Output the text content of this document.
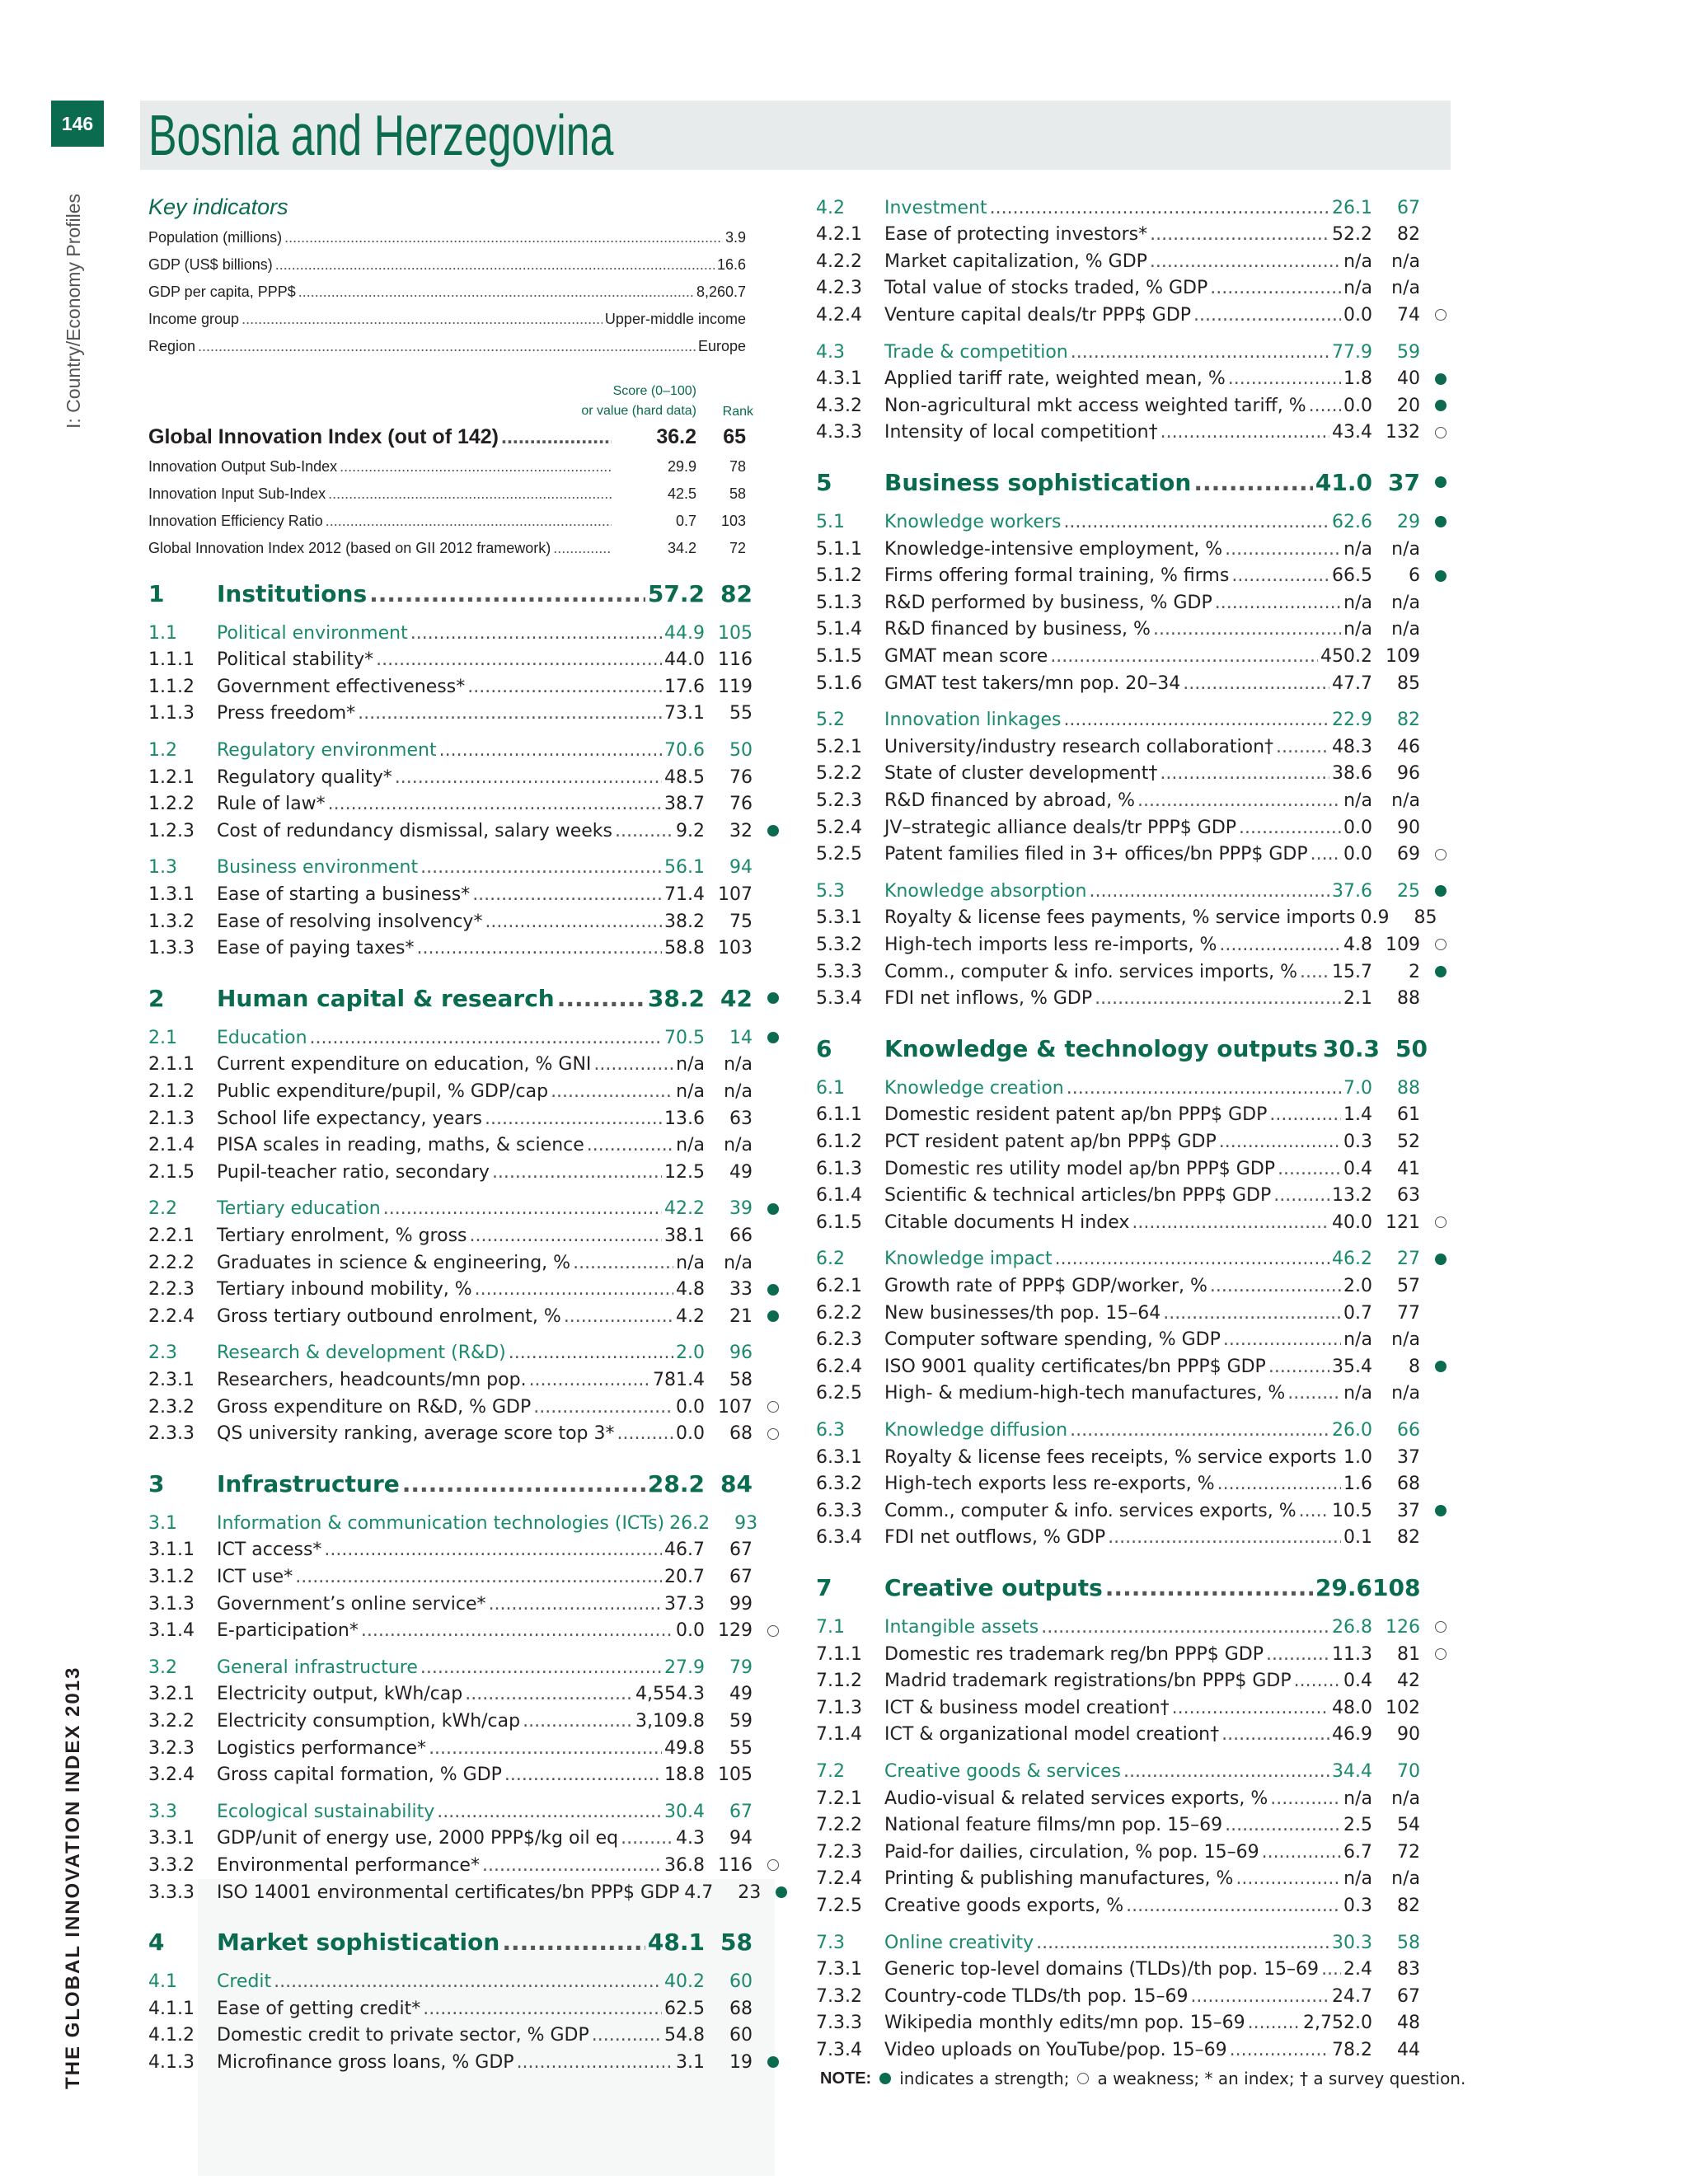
146 Bosnia and Herzegovina
I: Country/Economy Profiles
THE GLOBAL INNOVATION INDEX 2013
Key indicators
Population (millions) .....	3.9
GDP (US$ billions) .....	16.6
GDP per capita, PPP$ .....	8,260.7
Income group .....	Upper-middle income
Region .....	Europe
Score (0–100)
or value (hard data) Rank
Global Innovation Index (out of 142) .....	36.2	65
Innovation Output Sub-Index .....	29.9	78
Innovation Input Sub-Index .....	42.5	58
Innovation Efficiency Ratio .....	0.7	103
Global Innovation Index 2012 (based on GII 2012 framework) .....	34.2	72
1	Institutions .....	57.2 82
1.1	Political environment .....	44.9 105
1.1.1	Political stability* .....	44.0 116
1.1.2	Government effectiveness* .....	17.6 119
1.1.3	Press freedom* .....	73.1	55
1.2	Regulatory environment .....	70.6	50
1.2.1	Regulatory quality* .....	48.5	76
1.2.2	Rule of law* .....	38.7	76
1.2.3	Cost of redundancy dismissal, salary weeks .....	9.2	32
1.3	Business environment .....	56.1	94
1.3.1	Ease of starting a business* .....	71.4 107
1.3.2	Ease of resolving insolvency* .....	38.2	75
1.3.3	Ease of paying taxes* .....	58.8 103
2	Human capital & research .....	38.2 42
2.1	Education .....	70.5	14
2.1.1	Current expenditure on education, % GNI .....	n/a	n/a
2.1.2	Public expenditure/pupil, % GDP/cap .....	n/a	n/a
2.1.3	School life expectancy, years .....	13.6	63
2.1.4	PISA scales in reading, maths, & science .....	n/a	n/a
2.1.5	Pupil-teacher ratio, secondary .....	12.5	49
2.2	Tertiary education .....	42.2	39
2.2.1	Tertiary enrolment, % gross .....	38.1	66
2.2.2	Graduates in science & engineering, % .....	n/a	n/a
2.2.3	Tertiary inbound mobility, % .....	4.8	33
2.2.4	Gross tertiary outbound enrolment, % .....	4.2	21
2.3	Research & development (R&D) .....	2.0	96
2.3.1	Researchers, headcounts/mn pop. .....	781.4	58
2.3.2	Gross expenditure on R&D, % GDP .....	0.0 107
2.3.3	QS university ranking, average score top 3* .....	0.0	68
3	Infrastructure .....	28.2 84
3.1	Information & communication technologies (ICTs) 26.2	93
3.1.1	ICT access* .....	46.7	67
3.1.2	ICT use* .....	20.7	67
3.1.3	Government’s online service* .....	37.3	99
3.1.4	E-participation* .....	0.0 129
3.2	General infrastructure .....	27.9	79
3.2.1	Electricity output, kWh/cap .....	4,554.3	49
3.2.2	Electricity consumption, kWh/cap .....	3,109.8	59
3.2.3	Logistics performance* .....	49.8	55
3.2.4	Gross capital formation, % GDP .....	18.8 105
3.3	Ecological sustainability .....	30.4	67
3.3.1	GDP/unit of energy use, 2000 PPP$/kg oil eq .....	4.3	94
3.3.2	Environmental performance* .....	36.8 116
3.3.3	ISO 14001 environmental certificates/bn PPP$ GDP 4.7	23
4	Market sophistication .....	48.1 58
4.1	Credit .....	40.2	60
4.1.1	Ease of getting credit* .....	62.5	68
4.1.2	Domestic credit to private sector, % GDP .....	54.8	60
4.1.3	Microfinance gross loans, % GDP .....	3.1	19
4.2	Investment .....	26.1	67
4.2.1	Ease of protecting investors* .....	52.2	82
4.2.2	Market capitalization, % GDP .....	n/a	n/a
4.2.3	Total value of stocks traded, % GDP .....	n/a	n/a
4.2.4	Venture capital deals/tr PPP$ GDP .....	0.0	74
4.3	Trade & competition .....	77.9	59
4.3.1	Applied tariff rate, weighted mean, % .....	1.8	40
4.3.2	Non-agricultural mkt access weighted tariff, % ..... 0.0	20
4.3.3	Intensity of local competition† .....	43.4 132
5	Business sophistication .....	41.0 37
5.1	Knowledge workers .....	62.6	29
5.1.1	Knowledge-intensive employment, % .....	n/a	n/a
5.1.2	Firms offering formal training, % firms .....	66.5	6
5.1.3	R&D performed by business, % GDP .....	n/a	n/a
5.1.4	R&D financed by business, % .....	n/a	n/a
5.1.5	GMAT mean score .....	450.2 109
5.1.6	GMAT test takers/mn pop. 20–34 .....	47.7	85
5.2	Innovation linkages .....	22.9	82
5.2.1	University/industry research collaboration† .....	48.3	46
5.2.2	State of cluster development† .....	38.6	96
5.2.3	R&D financed by abroad, % .....	n/a	n/a
5.2.4	JV–strategic alliance deals/tr PPP$ GDP .....	0.0	90
5.2.5	Patent families filed in 3+ offices/bn PPP$ GDP ..... 0.0	69
5.3	Knowledge absorption .....	37.6	25
5.3.1	Royalty & license fees payments, % service imports 0.9	85
5.3.2	High-tech imports less re-imports, % .....	4.8 109
5.3.3	Comm., computer & info. services imports, % ..... 15.7	2
5.3.4	FDI net inflows, % GDP .....	2.1	88
6	Knowledge & technology outputs 30.3 50
6.1	Knowledge creation .....	7.0	88
6.1.1	Domestic resident patent ap/bn PPP$ GDP .....	1.4	61
6.1.2	PCT resident patent ap/bn PPP$ GDP .....	0.3	52
6.1.3	Domestic res utility model ap/bn PPP$ GDP .....	0.4	41
6.1.4	Scientific & technical articles/bn PPP$ GDP .....	13.2	63
6.1.5	Citable documents H index .....	40.0 121
6.2	Knowledge impact .....	46.2	27
6.2.1	Growth rate of PPP$ GDP/worker, % .....	2.0	57
6.2.2	New businesses/th pop. 15–64 .....	0.7	77
6.2.3	Computer software spending, % GDP .....	n/a	n/a
6.2.4	ISO 9001 quality certificates/bn PPP$ GDP .....	35.4	8
6.2.5	High- & medium-high-tech manufactures, % .....	n/a	n/a
6.3	Knowledge diffusion .....	26.0	66
6.3.1	Royalty & license fees receipts, % service exports ..... 1.0	37
6.3.2	High-tech exports less re-exports, % .....	1.6	68
6.3.3	Comm., computer & info. services exports, % ..... 10.5	37
6.3.4	FDI net outflows, % GDP .....	0.1	82
7	Creative outputs .....	29.6 108
7.1	Intangible assets .....	26.8 126
7.1.1	Domestic res trademark reg/bn PPP$ GDP .....	11.3	81
7.1.2	Madrid trademark registrations/bn PPP$ GDP .....	0.4	42
7.1.3	ICT & business model creation† .....	48.0 102
7.1.4	ICT & organizational model creation† .....	46.9	90
7.2	Creative goods & services .....	34.4	70
7.2.1	Audio-visual & related services exports, % .....	n/a	n/a
7.2.2	National feature films/mn pop. 15–69 .....	2.5	54
7.2.3	Paid-for dailies, circulation, % pop. 15–69 .....	6.7	72
7.2.4	Printing & publishing manufactures, % .....	n/a	n/a
7.2.5	Creative goods exports, % .....	0.3	82
7.3	Online creativity .....	30.3	58
7.3.1	Generic top-level domains (TLDs)/th pop. 15–69 ..... 2.4	83
7.3.2	Country-code TLDs/th pop. 15–69 .....	24.7	67
7.3.3	Wikipedia monthly edits/mn pop. 15–69 .....	2,752.0	48
7.3.4	Video uploads on YouTube/pop. 15–69 .....	78.2	44
NOTE: indicates a strength; a weakness; * an index; † a survey question.
